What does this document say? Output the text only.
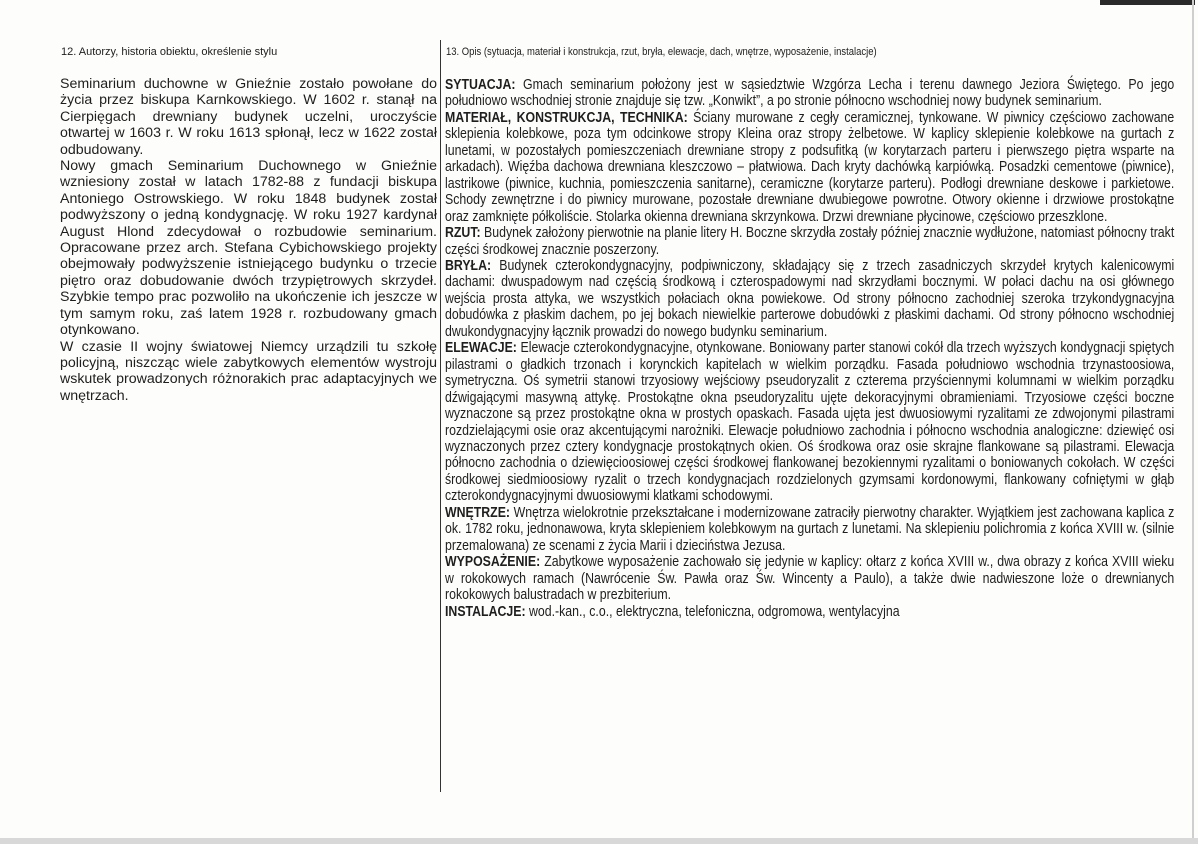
12. Autorzy, historia obiektu, określenie stylu	13. Opis (sytuacja, materiał i konstrukcja, rzut, bryła, elewacje, dach, wnętrze, wyposażenie, instalacje)

Seminarium duchowne w Gnieźnie zostało powołane do życia przez biskupa Karnkowskiego. W 1602 r. stanął na Cierpięgach drewniany budynek uczelni, uroczyście otwartej w 1603 r. W roku 1613 spłonął, lecz w 1622 został odbudowany.

Nowy gmach Seminarium Duchownego w Gnieźnie wzniesiony został w latach 1782-88 z fundacji biskupa Antoniego Ostrowskiego. W roku 1848 budynek został podwyższony o jedną kondygnację. W roku 1927 kardynał August Hlond zdecydował o rozbudowie seminarium. Opracowane przez arch. Stefana Cybichowskiego projekty obejmowały podwyższenie istniejącego budynku o trzecie piętro oraz dobudowanie dwóch trzypiętrowych skrzydeł. Szybkie tempo prac pozwoliło na ukończenie ich jeszcze w tym samym roku, zaś latem 1928 r. rozbudowany gmach otynkowano.

W czasie II wojny światowej Niemcy urządzili tu szkołę policyjną, niszcząc wiele zabytkowych elementów wystroju wskutek prowadzonych różnorakich prac adaptacyjnych we wnętrzach.

SYTUACJA: Gmach seminarium położony jest w sąsiedztwie Wzgórza Lecha i terenu dawnego Jeziora Świętego. Po jego południowo wschodniej stronie znajduje się tzw. „Konwikt”, a po stronie północno wschodniej nowy budynek seminarium.

MATERIAŁ, KONSTRUKCJA, TECHNIKA: Ściany murowane z cegły ceramicznej, tynkowane. W piwnicy częściowo zachowane sklepienia kolebkowe, poza tym odcinkowe stropy Kleina oraz stropy żelbetowe. W kaplicy sklepienie kolebkowe na gurtach z lunetami, w pozostałych pomieszczeniach drewniane stropy z podsufitką (w korytarzach parteru i pierwszego piętra wsparte na arkadach). Więźba dachowa drewniana kleszczowo – płatwiowa. Dach kryty dachówką karpiówką. Posadzki cementowe (piwnice), lastrikowe (piwnice, kuchnia, pomieszczenia sanitarne), ceramiczne (korytarze parteru). Podłogi drewniane deskowe i parkietowe. Schody zewnętrzne i do piwnicy murowane, pozostałe drewniane dwubiegowe powrotne. Otwory okienne i drzwiowe prostokątne oraz zamknięte półkoliście. Stolarka okienna drewniana skrzynkowa. Drzwi drewniane płycinowe, częściowo przeszklone.

RZUT: Budynek założony pierwotnie na planie litery H. Boczne skrzydła zostały później znacznie wydłużone, natomiast północny trakt części środkowej znacznie poszerzony.

BRYŁA: Budynek czterokondygnacyjny, podpiwniczony, składający się z trzech zasadniczych skrzydeł krytych kalenicowymi dachami: dwuspadowym nad częścią środkową i czterospadowymi nad skrzydłami bocznymi. W połaci dachu na osi głównego wejścia prosta attyka, we wszystkich połaciach okna powiekowe. Od strony północno zachodniej szeroka trzykondygnacyjna dobudówka z płaskim dachem, po jej bokach niewielkie parterowe dobudówki z płaskimi dachami. Od strony północno wschodniej dwukondygnacyjny łącznik prowadzi do nowego budynku seminarium.

ELEWACJE: Elewacje czterokondygnacyjne, otynkowane. Boniowany parter stanowi cokół dla trzech wyższych kondygnacji spiętych pilastrami o gładkich trzonach i korynckich kapitelach w wielkim porządku. Fasada południowo wschodnia trzynastoosiowa, symetryczna. Oś symetrii stanowi trzyosiowy wejściowy pseudoryzalit z czterema przyściennymi kolumnami w wielkim porządku dźwigającymi masywną attykę. Prostokątne okna pseudoryzalitu ujęte dekoracyjnymi obramieniami. Trzyosiowe części boczne wyznaczone są przez prostokątne okna w prostych opaskach. Fasada ujęta jest dwuosiowymi ryzalitami ze zdwojonymi pilastrami rozdzielającymi osie oraz akcentującymi narożniki. Elewacje południowo zachodnia i północno wschodnia analogiczne: dziewięć osi wyznaczonych przez cztery kondygnacje prostokątnych okien. Oś środkowa oraz osie skrajne flankowane są pilastrami. Elewacja północno zachodnia o dziewięcioosiowej części środkowej flankowanej bezokiennymi ryzalitami o boniowanych cokołach. W części środkowej siedmioosiowy ryzalit o trzech kondygnacjach rozdzielonych gzymsami kordonowymi, flankowany cofniętymi w głąb czterokondygnacyjnymi dwuosiowymi klatkami schodowymi.

WNĘTRZE: Wnętrza wielokrotnie przekształcane i modernizowane zatraciły pierwotny charakter. Wyjątkiem jest zachowana kaplica z ok. 1782 roku, jednonawowa, kryta sklepieniem kolebkowym na gurtach z lunetami. Na sklepieniu polichromia z końca XVIII w. (silnie przemalowana) ze scenami z życia Marii i dzieciństwa Jezusa.

WYPOSAŻENIE: Zabytkowe wyposażenie zachowało się jedynie w kaplicy: ołtarz z końca XVIII w., dwa obrazy z końca XVIII wieku w rokokowych ramach (Nawrócenie Św. Pawła oraz Św. Wincenty a Paulo), a także dwie nadwieszone loże o drewnianych rokokowych balustradach w prezbiterium.

INSTALACJE: wod.-kan., c.o., elektryczna, telefoniczna, odgromowa, wentylacyjna
